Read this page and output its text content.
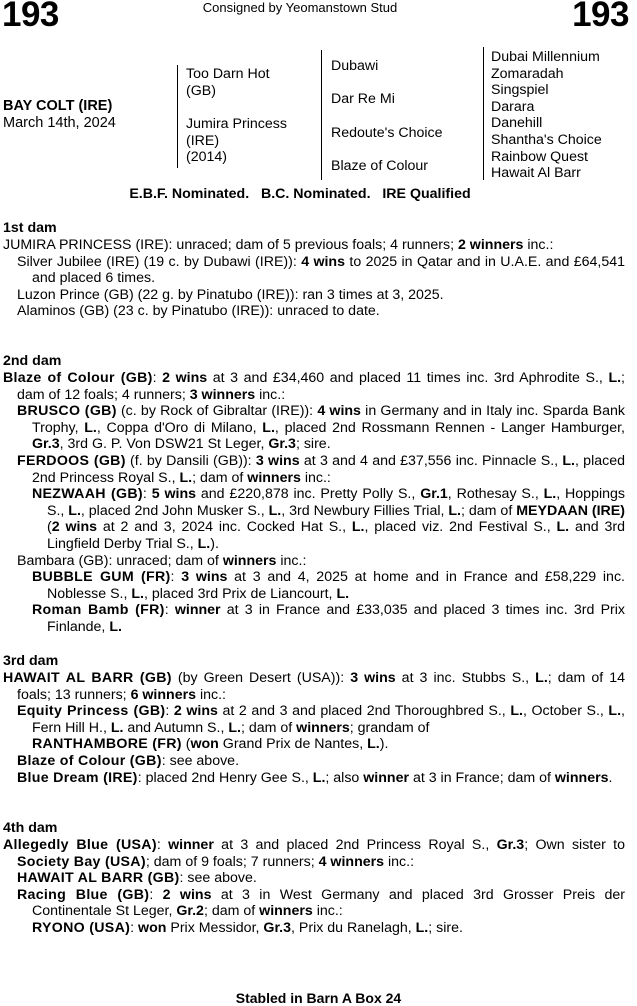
193	Consigned by Yeomanstown Stud	193
BAY COLT (IRE)
March 14th, 2024
Too Darn Hot
(GB)
Jumira Princess
(IRE)
(2014)
Dubawi
Dar Re Mi
Redoute's Choice
Blaze of Colour
Dubai Millennium
Zomaradah
Singspiel
Darara
Danehill
Shantha's Choice
Rainbow Quest
Hawait Al Barr
E.B.F. Nominated.   B.C. Nominated.   IRE Qualified
1st dam

JUMIRA PRINCESS (IRE): unraced; dam of 5 previous foals; 4 runners; 2 winners inc.:

Silver Jubilee (IRE) (19 c. by Dubawi (IRE)): 4 wins to 2025 in Qatar and in U.A.E. and £64,541 and placed 6 times.

Luzon Prince (GB) (22 g. by Pinatubo (IRE)): ran 3 times at 3, 2025.

Alaminos (GB) (23 c. by Pinatubo (IRE)): unraced to date.

2nd dam

Blaze of Colour (GB): 2 wins at 3 and £34,460 and placed 11 times inc. 3rd Aphrodite S., L.; dam of 12 foals; 4 runners; 3 winners inc.:

BRUSCO (GB) (c. by Rock of Gibraltar (IRE)): 4 wins in Germany and in Italy inc. Sparda Bank Trophy, L., Coppa d'Oro di Milano, L., placed 2nd Rossmann Rennen - Langer Hamburger, Gr.3, 3rd G. P. Von DSW21 St Leger, Gr.3; sire.

FERDOOS (GB) (f. by Dansili (GB)): 3 wins at 3 and 4 and £37,556 inc. Pinnacle S., L., placed 2nd Princess Royal S., L.; dam of winners inc.:

NEZWAAH (GB): 5 wins and £220,878 inc. Pretty Polly S., Gr.1, Rothesay S., L., Hoppings S., L., placed 2nd John Musker S., L., 3rd Newbury Fillies Trial, L.; dam of MEYDAAN (IRE) (2 wins at 2 and 3, 2024 inc. Cocked Hat S., L., placed viz. 2nd Festival S., L. and 3rd Lingfield Derby Trial S., L.).

Bambara (GB): unraced; dam of winners inc.:

BUBBLE GUM (FR): 3 wins at 3 and 4, 2025 at home and in France and £58,229 inc. Noblesse S., L., placed 3rd Prix de Liancourt, L.

Roman Bamb (FR): winner at 3 in France and £33,035 and placed 3 times inc. 3rd Prix Finlande, L.

3rd dam

HAWAIT AL BARR (GB) (by Green Desert (USA)): 3 wins at 3 inc. Stubbs S., L.; dam of 14 foals; 13 runners; 6 winners inc.:

Equity Princess (GB): 2 wins at 2 and 3 and placed 2nd Thoroughbred S., L., October S., L., Fern Hill H., L. and Autumn S., L.; dam of winners; grandam of

RANTHAMBORE (FR) (won Grand Prix de Nantes, L.).

Blaze of Colour (GB): see above.

Blue Dream (IRE): placed 2nd Henry Gee S., L.; also winner at 3 in France; dam of winners.

4th dam

Allegedly Blue (USA): winner at 3 and placed 2nd Princess Royal S., Gr.3; Own sister to Society Bay (USA); dam of 9 foals; 7 runners; 4 winners inc.:

HAWAIT AL BARR (GB): see above.

Racing Blue (GB): 2 wins at 3 in West Germany and placed 3rd Grosser Preis der Continentale St Leger, Gr.2; dam of winners inc.:

RYONO (USA): won Prix Messidor, Gr.3, Prix du Ranelagh, L.; sire.

Stabled in Barn A Box 24
